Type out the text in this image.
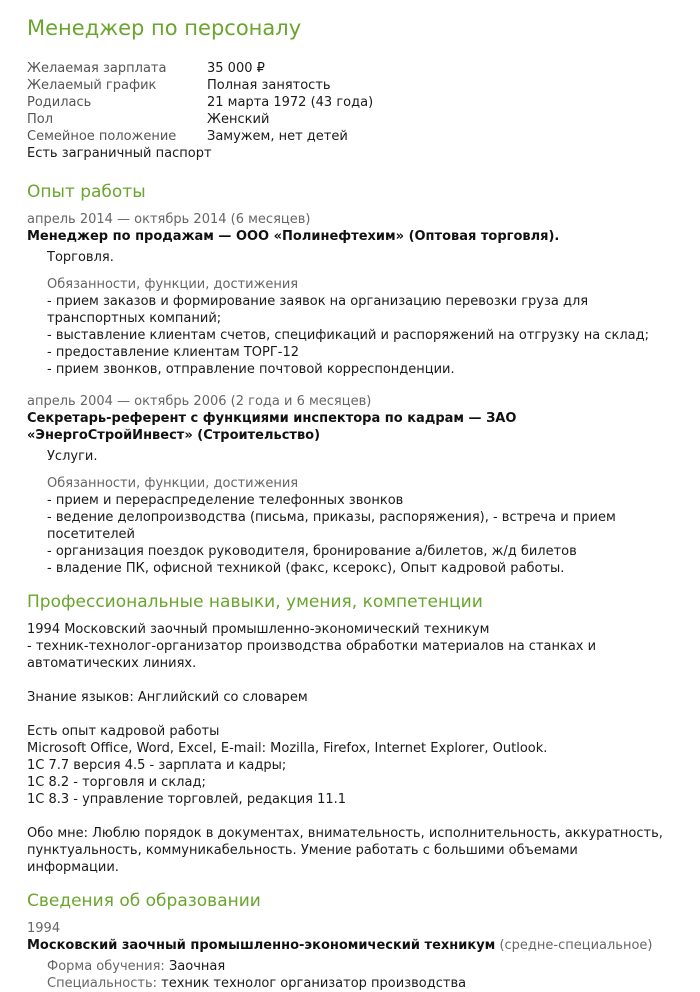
Менеджер по персоналу
Желаемая зарплата	35 000 ₽
Желаемый график	Полная занятость
Родилась	21 марта 1972 (43 года)
Пол	Женский
Семейное положение	Замужем, нет детей
Есть заграничный паспорт
Опыт работы
апрель 2014 — октябрь 2014 (6 месяцев)
Менеджер по продажам — ООО «Полинефтехим» (Оптовая торговля).
Торговля.
Обязанности, функции, достижения
- прием заказов и формирование заявок на организацию перевозки груза для транспортных компаний;
- выставление клиентам счетов, спецификаций и распоряжений на отгрузку на склад;
- предоставление клиентам ТОРГ-12
- прием звонков, отправление почтовой корреспонденции.
апрель 2004 — октябрь 2006 (2 года и 6 месяцев)
Секретарь-референт с функциями инспектора по кадрам — ЗАО «ЭнергоСтройИнвест» (Строительство)
Услуги.
Обязанности, функции, достижения
- прием и перераспределение телефонных звонков
- ведение делопроизводства (письма, приказы, распоряжения), - встреча и прием посетителей
- организация поездок руководителя, бронирование а/билетов, ж/д билетов
- владение ПК, офисной техникой (факс, ксерокс), Опыт кадровой работы.
Профессиональные навыки, умения, компетенции
1994 Московский заочный промышленно-экономический техникум
- техник-технолог-организатор производства обработки материалов на станках и автоматических линиях.
Знание языков: Английский со словарем
Есть опыт кадровой работы
Microsoft Office, Word, Excel, E-mail: Mozilla, Firefox, Internet Explorer, Outlook.
1С 7.7 версия 4.5 - зарплата и кадры;
1С 8.2 - торговля и склад;
1С 8.3 - управление торговлей, редакция 11.1
Обо мне: Люблю порядок в документах, внимательность, исполнительность, аккуратность, пунктуальность, коммуникабельность. Умение работать с большими объемами информации.
Сведения об образовании
1994
Московский заочный промышленно-экономический техникум (средне-специальное)
Форма обучения: Заочная
Специальность: техник технолог организатор производства
